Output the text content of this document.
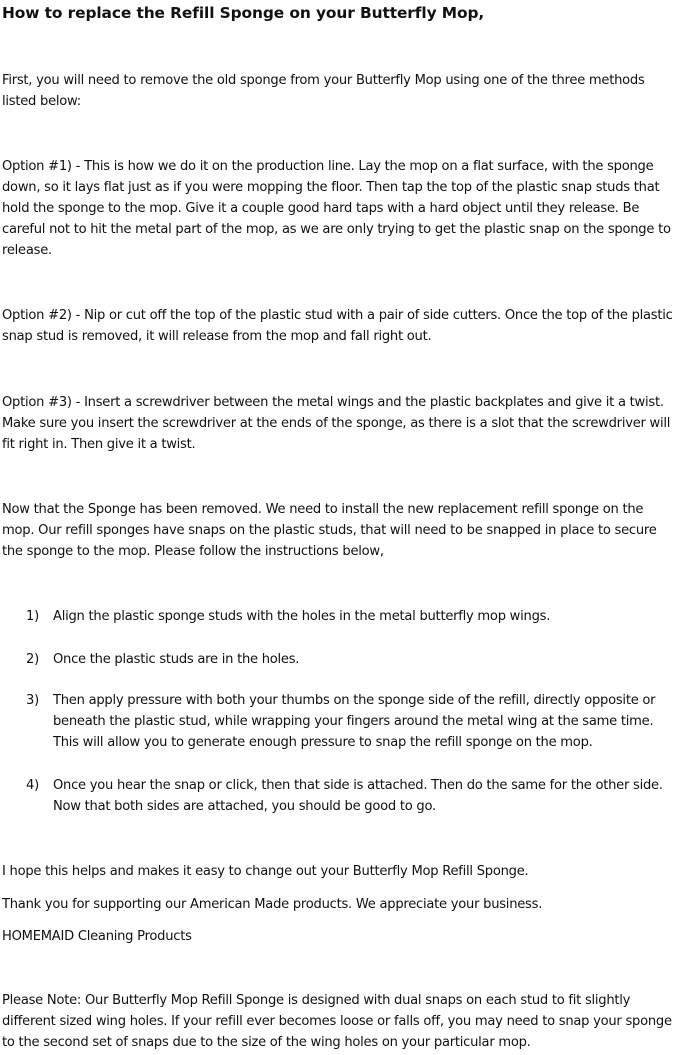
How to replace the Refill Sponge on your Butterfly Mop,

First, you will need to remove the old sponge from your Butterfly Mop using one of the three methods listed below:

Option #1) - This is how we do it on the production line. Lay the mop on a flat surface, with the sponge down, so it lays flat just as if you were mopping the floor. Then tap the top of the plastic snap studs that hold the sponge to the mop. Give it a couple good hard taps with a hard object until they release. Be careful not to hit the metal part of the mop, as we are only trying to get the plastic snap on the sponge to release.

Option #2) - Nip or cut off the top of the plastic stud with a pair of side cutters. Once the top of the plastic snap stud is removed, it will release from the mop and fall right out.

Option #3) - Insert a screwdriver between the metal wings and the plastic backplates and give it a twist. Make sure you insert the screwdriver at the ends of the sponge, as there is a slot that the screwdriver will fit right in. Then give it a twist.

Now that the Sponge has been removed. We need to install the new replacement refill sponge on the mop. Our refill sponges have snaps on the plastic studs, that will need to be snapped in place to secure the sponge to the mop. Please follow the instructions below,

1) Align the plastic sponge studs with the holes in the metal butterfly mop wings.
2) Once the plastic studs are in the holes.
3) Then apply pressure with both your thumbs on the sponge side of the refill, directly opposite or beneath the plastic stud, while wrapping your fingers around the metal wing at the same time. This will allow you to generate enough pressure to snap the refill sponge on the mop.
4) Once you hear the snap or click, then that side is attached. Then do the same for the other side. Now that both sides are attached, you should be good to go.

I hope this helps and makes it easy to change out your Butterfly Mop Refill Sponge.

Thank you for supporting our American Made products. We appreciate your business.

HOMEMAID Cleaning Products

Please Note: Our Butterfly Mop Refill Sponge is designed with dual snaps on each stud to fit slightly different sized wing holes. If your refill ever becomes loose or falls off, you may need to snap your sponge to the second set of snaps due to the size of the wing holes on your particular mop.
